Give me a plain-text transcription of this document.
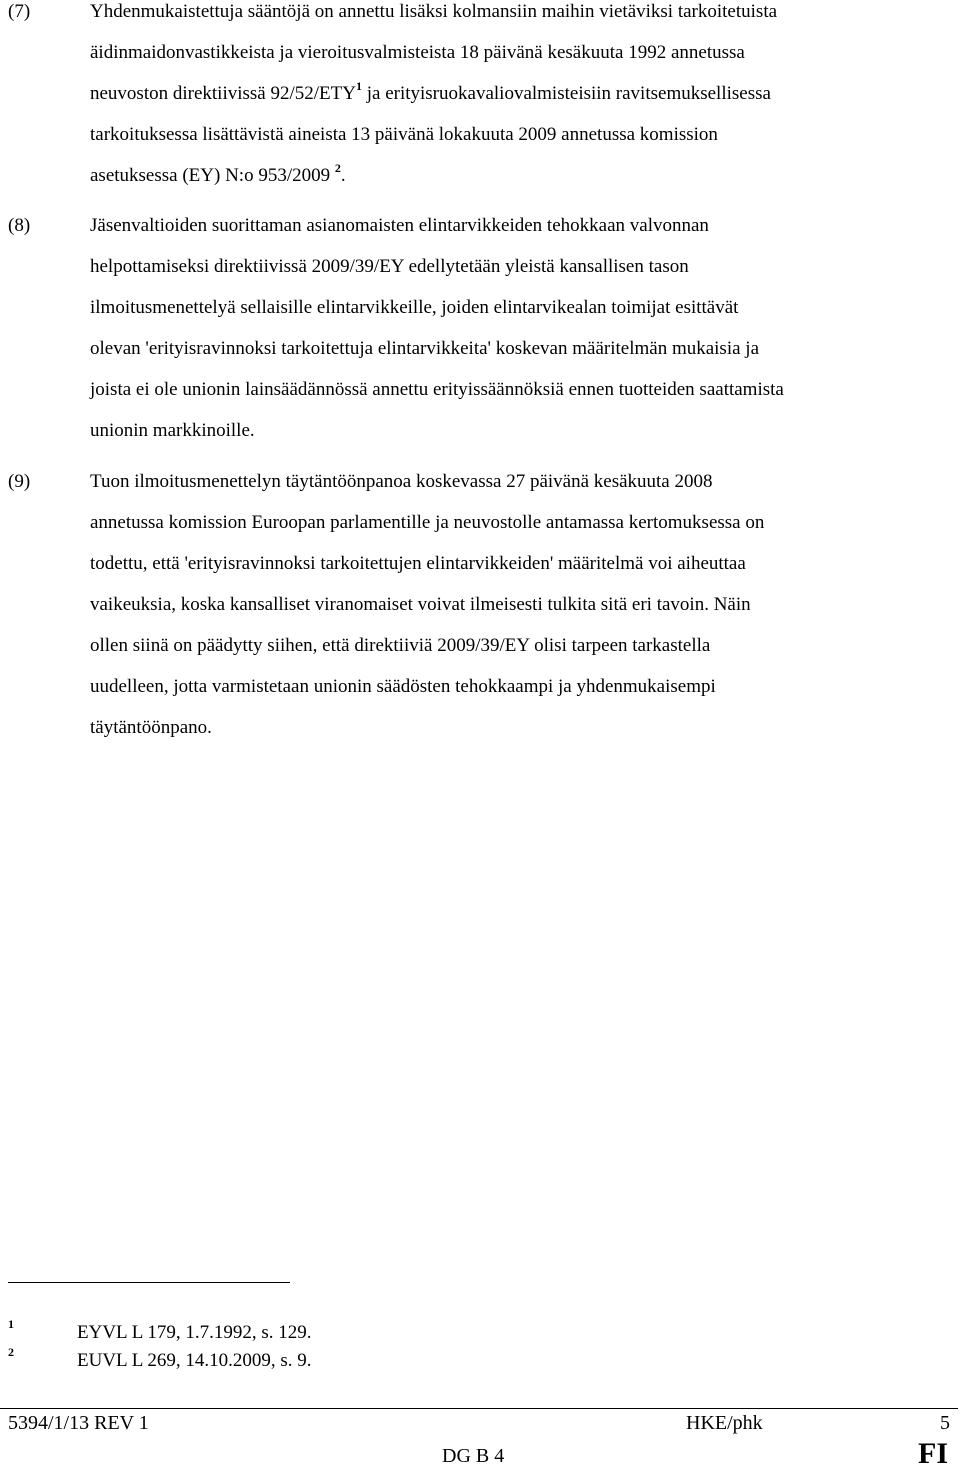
(7)	Yhdenmukaistettuja sääntöjä on annettu lisäksi kolmansiin maihin vietäviksi tarkoitetuista
äidinmaidonvastikkeista ja vieroitusvalmisteista 18 päivänä kesäkuuta 1992 annetussa
neuvoston direktiivissä 92/52/ETY$^1$ ja erityisruokavaliovalmisteisiin ravitsemuksellisessa
tarkoituksessa lisättävistä aineista 13 päivänä lokakuuta 2009 annetussa komission
asetuksessa (EY) N:o 953/2009 $^2$.
(8)	Jäsenvaltioiden suorittaman asianomaisten elintarvikkeiden tehokkaan valvonnan
helpottamiseksi direktiivissä 2009/39/EY edellytetään yleistä kansallisen tason
ilmoitusmenettelyä sellaisille elintarvikkeille, joiden elintarvikealan toimijat esittävät
olevan 'erityisravinnoksi tarkoitettuja elintarvikkeita' koskevan määritelmän mukaisia ja
joista ei ole unionin lainsäädännössä annettu erityissäännöksiä ennen tuotteiden saattamista
unionin markkinoille.
(9)	Tuon ilmoitusmenettelyn täytäntöönpanoa koskevassa 27 päivänä kesäkuuta 2008
annetussa komission Euroopan parlamentille ja neuvostolle antamassa kertomuksessa on
todettu, että 'erityisravinnoksi tarkoitettujen elintarvikkeiden' määritelmä voi aiheuttaa
vaikeuksia, koska kansalliset viranomaiset voivat ilmeisesti tulkita sitä eri tavoin. Näin
ollen siinä on päädytty siihen, että direktiiviä 2009/39/EY olisi tarpeen tarkastella
uudelleen, jotta varmistetaan unionin säädösten tehokkaampi ja yhdenmukaisempi
täytäntöönpano.
1	EYVL L 179, 1.7.1992, s. 129.
2	EUVL L 269, 14.10.2009, s. 9.
5394/1/13 REV 1	HKE/phk	5
DG B 4	FI
